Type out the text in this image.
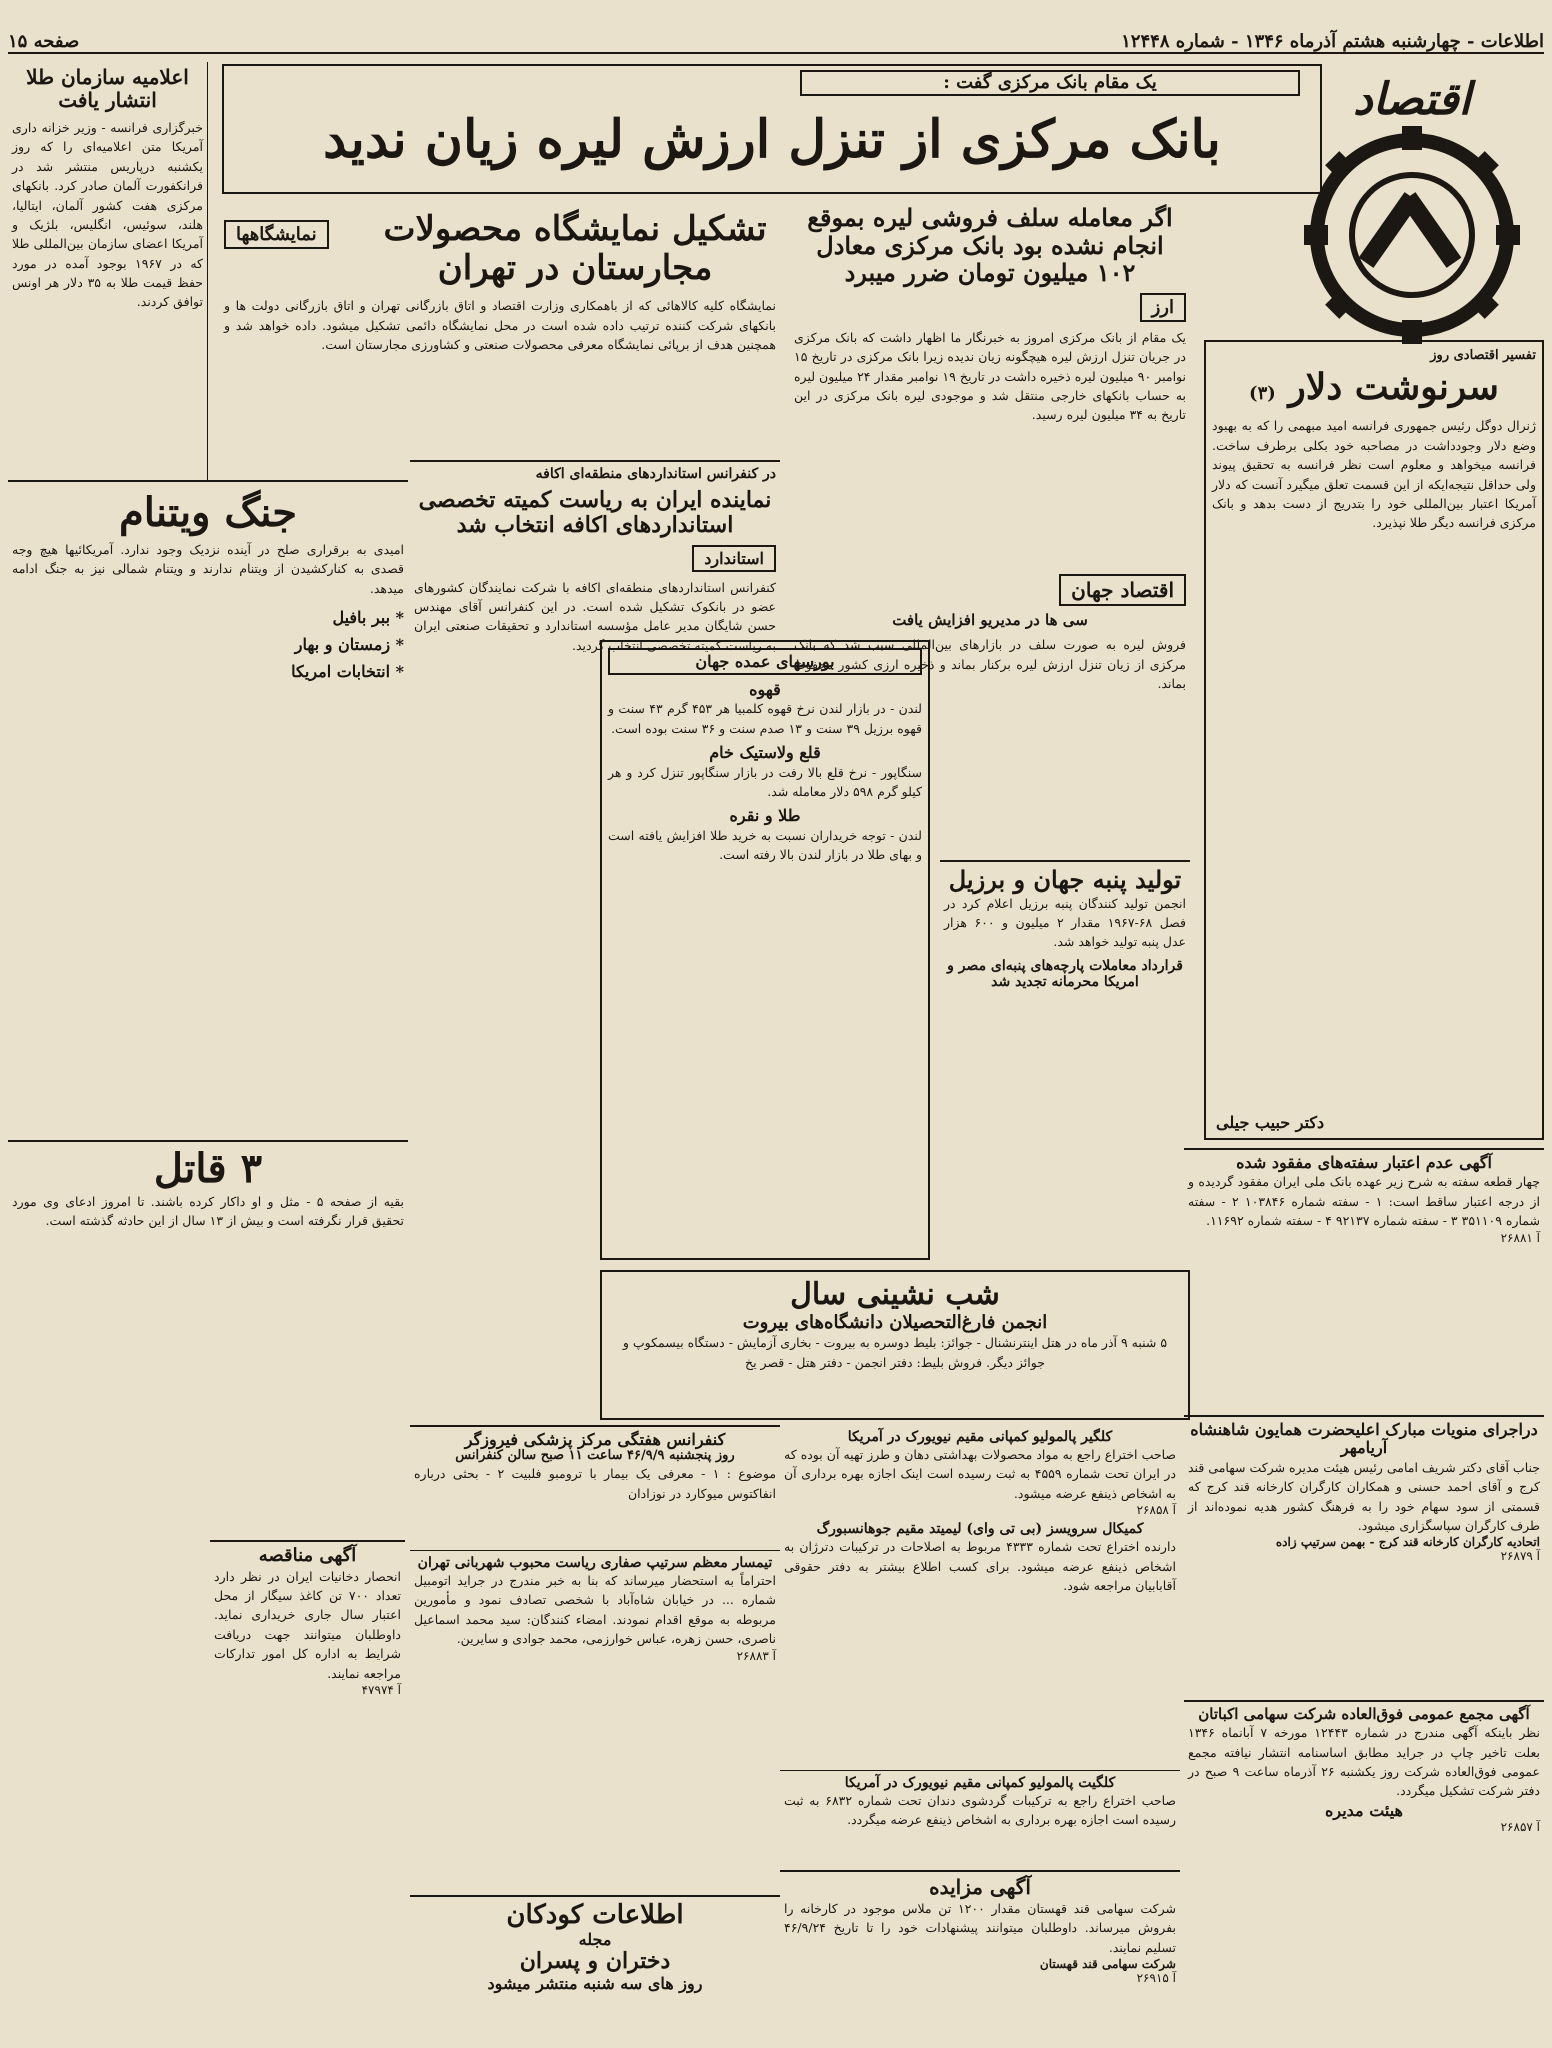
اطلاعات - چهارشنبه هشتم آذرماه ۱۳۴۶ - شماره ۱۲۴۴۸
صفحه ۱۵
اقتصاد
یک مقام بانک مرکزی گفت :
بانک مرکزی از تنزل ارزش لیره زیان ندید
اعلامیه سازمان طلا انتشار یافت
خبرگزاری فرانسه - وزیر خزانه داری آمریکا متن اعلامیه‌ای را که روز یکشنبه درپاریس منتشر شد در فرانکفورت آلمان صادر کرد. بانکهای مرکزی هفت کشور آلمان، ایتالیا، هلند، سوئیس، انگلیس، بلژیک و آمریکا اعضای سازمان بین‌المللی طلا که در ۱۹۶۷ بوجود آمده در مورد حفظ قیمت طلا به ۳۵ دلار هر اونس توافق کردند.
جنگ ویتنام
امیدی به برقراری صلح در آینده نزدیک وجود ندارد. آمریکائیها هیچ وجه قصدی به کنارکشیدن از ویتنام ندارند و ویتنام شمالی نیز به جنگ ادامه میدهد.
* ببر بافیل
* زمستان و بهار
* انتخابات امریکا
۳ قاتل
بقیه از صفحه ۵ - مثل و او داکار کرده باشند. تا امروز ادعای وی مورد تحقیق قرار نگرفته است و بیش از ۱۳ سال از این حادثه گذشته است.
نمایشگاهها	تشکیل نمایشگاه محصولات مجارستان در تهران
نمایشگاه کلیه کالاهائی که از باهمکاری وزارت اقتصاد و اتاق بازرگانی تهران و اتاق بازرگانی دولت ها و بانکهای شرکت کننده ترتیب داده شده است در محل نمایشگاه دائمی تشکیل میشود. داده خواهد شد و همچنین هدف از برپائی نمایشگاه معرفی محصولات صنعتی و کشاورزی مجارستان است.
در کنفرانس استانداردهای منطقه‌ای اکافه
نماینده ایران به ریاست کمیته تخصصی استانداردهای اکافه انتخاب شد
استاندارد
کنفرانس استانداردهای منطقه‌ای اکافه با شرکت نمایندگان کشورهای عضو در بانکوک تشکیل شده است. در این کنفرانس آقای مهندس حسن شایگان مدیر عامل مؤسسه استاندارد و تحقیقات صنعتی ایران به ریاست کمیته تخصصی انتخاب گردید.
اگر معامله سلف فروشی لیره بموقع انجام نشده بود بانک مرکزی معادل ۱۰۲ میلیون تومان ضرر میبرد
ارز
یک مقام از بانک مرکزی امروز به خبرنگار ما اظهار داشت که بانک مرکزی در جریان تنزل ارزش لیره هیچگونه زیان ندیده زیرا بانک مرکزی در تاریخ ۱۵ نوامبر ۹۰ میلیون لیره ذخیره داشت در تاریخ ۱۹ نوامبر مقدار ۲۴ میلیون لیره به حساب بانکهای خارجی منتقل شد و موجودی لیره بانک مرکزی در این تاریخ به ۳۴ میلیون لیره رسید.
اقتصاد جهان
سی ها در مدیریو افزایش یافت
فروش لیره به صورت سلف در بازارهای بین‌المللی سبب شد که بانک مرکزی از زیان تنزل ارزش لیره برکنار بماند و ذخیره ارزی کشور محفوظ بماند.
تولید پنبه جهان و برزیل
انجمن تولید کنندگان پنبه برزیل اعلام کرد در فصل ۶۸-۱۹۶۷ مقدار ۲ میلیون و ۶۰۰ هزار عدل پنبه تولید خواهد شد.
قرارداد معاملات پارچه‌های پنبه‌ای مصر و امریکا محرمانه تجدید شد
بورسهای عمده جهان
قهوه
لندن - در بازار لندن نرخ قهوه کلمبیا هر ۴۵۳ گرم ۴۳ سنت و قهوه برزیل ۳۹ سنت و ۱۳ صدم سنت و ۳۶ سنت بوده است.
قلع ولاستیک خام
سنگاپور - نرخ قلع بالا رفت در بازار سنگاپور تنزل کرد و هر کیلو گرم ۵۹۸ دلار معامله شد.
طلا و نقره
لندن - توجه خریداران نسبت به خرید طلا افزایش یافته است و بهای طلا در بازار لندن بالا رفته است.
تفسیر اقتصادی روز
سرنوشت دلار (۳)
ژنرال دوگل رئیس جمهوری فرانسه امید مبهمی را که به بهبود وضع دلار وجودداشت در مصاحبه خود بکلی برطرف ساخت. فرانسه میخواهد و معلوم است نظر فرانسه به تحقیق پیوند ولی حداقل نتیجه‌ایکه از این قسمت تعلق میگیرد آنست که دلار آمریکا اعتبار بین‌المللی خود را بتدریج از دست بدهد و بانک مرکزی فرانسه دیگر طلا نپذیرد.
دکتر حبیب جیلی
شب نشینی سال
انجمن فارغ‌التحصیلان دانشگاه‌های بیروت
۵ شنبه ۹ آذر ماه در هتل اینترنشنال - جوائز: بلیط دوسره به بیروت - بخاری آزمایش - دستگاه بیسمکوپ و جوائز دیگر. فروش بلیط: دفتر انجمن - دفتر هتل - قصر یخ
آگهی عدم اعتبار سفته‌های مفقود شده
چهار قطعه سفته به شرح زیر عهده بانک ملی ایران مفقود گردیده و از درجه اعتبار ساقط است: ۱ - سفته شماره ۱۰۳۸۴۶ ۲ - سفته شماره ۳۵۱۱۰۹ ۳ - سفته شماره ۹۲۱۳۷ ۴ - سفته شماره ۱۱۶۹۲.
آ ۲۶۸۸۱
دراجرای منویات مبارک اعلیحضرت همایون شاهنشاه آریامهر
جناب آقای دکتر شریف امامی رئیس هیئت مدیره شرکت سهامی قند کرج و آقای احمد حسنی و همکاران کارگران کارخانه قند کرج که قسمتی از سود سهام خود را به فرهنگ کشور هدیه نموده‌اند از طرف کارگران سپاسگزاری میشود.
اتحادیه کارگران کارخانه قند کرج - بهمن سرتیپ زاده
آ ۲۶۸۷۹
آگهی مجمع عمومی فوق‌العاده شرکت سهامی اکباتان
نظر باینکه آگهی مندرج در شماره ۱۲۴۴۳ مورخه ۷ آبانماه ۱۳۴۶ بعلت تاخیر چاپ در جراید مطابق اساسنامه انتشار نیافته مجمع عمومی فوق‌العاده شرکت روز یکشنبه ۲۶ آذرماه ساعت ۹ صبح در دفتر شرکت تشکیل میگردد.
هیئت مدیره
آ ۲۶۸۵۷
کلگیر پالمولیو کمپانی مقیم نیویورک در آمریکا
صاحب اختراع راجع به مواد محصولات بهداشتی دهان و طرز تهیه آن بوده که در ایران تحت شماره ۴۵۵۹ به ثبت رسیده است اینک اجازه بهره برداری آن به اشخاص ذینفع عرضه میشود.
آ ۲۶۸۵۸
کمیکال سرویسز (بی تی وای) لیمیتد مقیم جوهانسبورگ
دارنده اختراع تحت شماره ۴۳۳۳ مربوط به اصلاحات در ترکیبات دترژان به اشخاص ذینفع عرضه میشود. برای کسب اطلاع بیشتر به دفتر حقوقی آقابابیان مراجعه شود.
کلگیت پالمولیو کمپانی مقیم نیویورک در آمریکا
صاحب اختراع راجع به ترکیبات گردشوی دندان تحت شماره ۶۸۳۲ به ثبت رسیده است اجازه بهره برداری به اشخاص ذینفع عرضه میگردد.
آگهی مزایده
شرکت سهامی قند قهستان مقدار ۱۲۰۰ تن ملاس موجود در کارخانه را بفروش میرساند. داوطلبان میتوانند پیشنهادات خود را تا تاریخ ۴۶/۹/۲۴ تسلیم نمایند.
شرکت سهامی قند قهستان
آ ۲۶۹۱۵
کنفرانس هفتگی مرکز پزشکی فیروزگر
روز پنجشنبه ۴۶/۹/۹ ساعت ۱۱ صبح سالن کنفرانس
موضوع : ۱ - معرفی یک بیمار با ترومبو فلبیت ۲ - بحثی درباره انفاکتوس میوکارد در نوزادان
تیمسار معظم سرتیپ صفاری ریاست محبوب شهربانی تهران
احتراماً به استحضار میرساند که بنا به خبر مندرج در جراید اتومبیل شماره ... در خیابان شاه‌آباد با شخصی تصادف نمود و مأمورین مربوطه به موقع اقدام نمودند. امضاء کنندگان: سید محمد اسماعیل ناصری، حسن زهره، عباس خوارزمی، محمد جوادی و سایرین.
آ ۲۶۸۸۳
اطلاعات کودکان
مجله
دختران و پسران
روز های سه شنبه منتشر میشود
آگهی مناقصه
انحصار دخانیات ایران در نظر دارد تعداد ۷۰۰ تن کاغذ سیگار از محل اعتبار سال جاری خریداری نماید. داوطلبان میتوانند جهت دریافت شرایط به اداره کل امور تدارکات مراجعه نمایند.
آ ۴۷۹۷۴
